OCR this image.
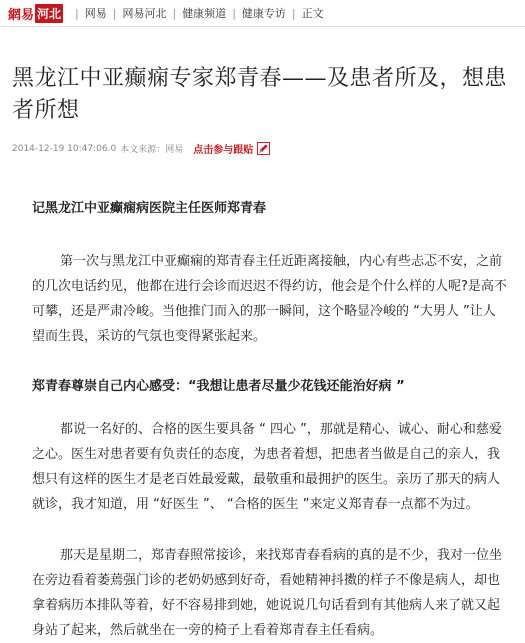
網易 河北 | 网易 | 网易河北 | 健康频道 | 健康专访 | 正文
黑龙江中亚癫痫专家郑青春——及患者所及，想患者所想
2014-12-19 10:47:06.0 本文来源：网易 点击参与跟贴

记黑龙江中亚癫痫病医院主任医师郑青春

第一次与黑龙江中亚癫痫的郑青春主任近距离接触，内心有些忐忑不安，之前的几次电话约见，他都在进行会诊而迟迟不得约访，他会是个什么样的人呢?是高不可攀，还是严肃冷峻。当他推门而入的那一瞬间，这个略显冷峻的 “大男人 ”让人望而生畏，采访的气氛也变得紧张起来。

郑青春尊崇自己内心感受：“我想让患者尽量少花钱还能治好病 ”

都说一名好的、合格的医生要具备 “ 四心 ”，那就是精心、诚心、耐心和慈爱之心。医生对患者要有负责任的态度，为患者着想，把患者当做是自己的亲人，我想只有这样的医生才是老百姓最爱戴，最敬重和最拥护的医生。亲历了那天的病人就诊，我才知道，用 “好医生 ”、 “合格的医生 ”来定义郑青春一点都不为过。

那天是星期二，郑青春照常接诊，来找郑青春看病的真的是不少，我对一位坐在旁边看着萎蔫强门诊的老奶奶感到好奇，看她精神抖擞的样子不像是病人，却也拿着病历本排队等着，好不容易排到她，她说说几句话看到有其他病人来了就又起身站了起来，然后就坐在一旁的椅子上看着郑青春主任看病。
